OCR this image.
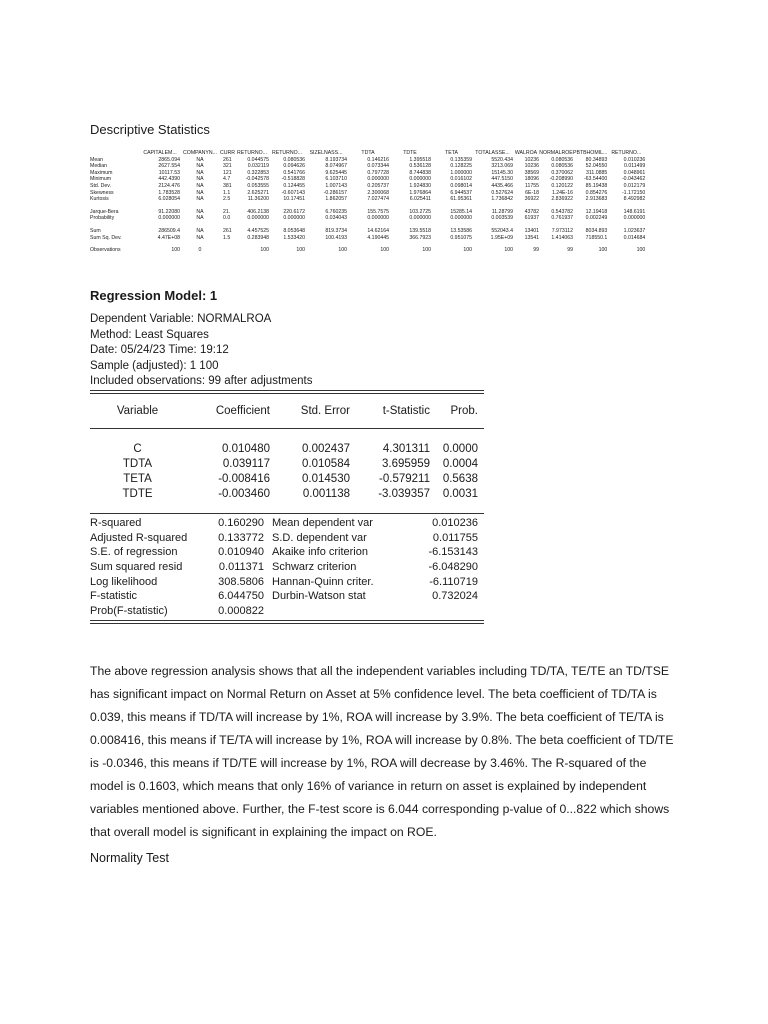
Descriptive Statistics
	CAPITALEM...	COMPANYN...	CURR	RETURNO...	RETURNO...	SIZELNASS...	TDTA	TDTE	TETA	TOTALASSE...	WALROA	NORMALROE	PBTBHOMIL...	RETURNO...
Mean	2865.094	NA	261	0.044575	0.080536	8.193734	0.146216	1.395518	0.135359	5520.434	10236	0.080536	80.34893	0.010236
Median	2627.554	NA	321	0.032119	0.094626	8.074967	0.073344	0.536128	0.128225	3213.069	10236	0.080536	52.04550	0.011499
Maximum	10117.53	NA	121	0.322853	0.541766	9.625445	0.797728	8.744838	1.000000	15145.30	38569	0.370062	311.0885	0.048961
Minimum	442.4390	NA	4.7	-0.042578	-0.518828	6.103710	0.000000	0.000000	0.016102	447.5150	18096	-0.208990	-63.54400	-0.043462
Std. Dev.	2124.476	NA	381	0.053555	0.124455	1.007143	0.205737	1.924830	0.098014	4435.466	11755	0.120122	85.19438	0.012179
Skewness	1.783528	NA	1.1	2.625271	-0.607143	-0.286157	2.300068	1.976864	6.944537	0.527624	6E-18	1.24E-16	0.854276	-1.172150
Kurtosis	6.028054	NA	2.5	11.36200	10.17451	1.862057	7.027474	6.025411	61.95361	1.736842	36922	2.836922	2.913683	8.492982

Jarque-Bera	91.22080	NA	21.	406.2138	220.6172	6.760235	155.7575	103.2725	15285.14	11.28799	43782	0.543782	12.19418	148.6191
Probability	0.000000	NA	0.0	0.000000	0.000000	0.034043	0.000000	0.000000	0.000000	0.003539	61937	0.761937	0.002249	0.000000

Sum	286509.4	NA	261	4.457525	8.053648	819.3734	14.62164	139.5518	13.53586	552043.4	13401	7.973112	8034.893	1.023637
Sum Sq. Dev.	4.47E+08	NA	1.5	0.283948	1.533420	100.4193	4.190445	366.7923	0.951075	1.95E+09	13541	1.414063	718550.1	0.014684

Observations	100	0		100	100	100	100	100	100	100	99	99	100	100
Regression Model: 1
Dependent Variable: NORMALROA
Method: Least Squares
Date: 05/24/23 Time: 19:12
Sample (adjusted): 1 100
Included observations: 99 after adjustments
Variable	Coefficient	Std. Error	t-Statistic	Prob.

C	0.010480	0.002437	4.301311	0.0000
TDTA	0.039117	0.010584	3.695959	0.0004
TETA	-0.008416	0.014530	-0.579211	0.5638
TDTE	-0.003460	0.001138	-3.039357	0.0031

R-squared	0.160290	Mean dependent var	0.010236
Adjusted R-squared	0.133772	S.D. dependent var	0.011755
S.E. of regression	0.010940	Akaike info criterion	-6.153143
Sum squared resid	0.011371	Schwarz criterion	-6.048290
Log likelihood	308.5806	Hannan-Quinn criter.	-6.110719
F-statistic	6.044750	Durbin-Watson stat	0.732024
Prob(F-statistic)	0.000822		
The above regression analysis shows that all the independent variables including TD/TA, TE/TE an TD/TSE has significant impact on Normal Return on Asset at 5% confidence level. The beta coefficient of TD/TA is 0.039, this means if TD/TA will increase by 1%, ROA will increase by 3.9%. The beta coefficient of TE/TA is 0.008416, this means if TE/TA will increase by 1%, ROA will increase by 0.8%. The beta coefficient of TD/TE is -0.0346, this means if TD/TE will increase by 1%, ROA will decrease by 3.46%. The R-squared of the model is 0.1603, which means that only 16% of variance in return on asset is explained by independent variables mentioned above. Further, the F-test score is 6.044 corresponding p-value of 0...822 which shows that overall model is significant in explaining the impact on ROE.
Normality Test
